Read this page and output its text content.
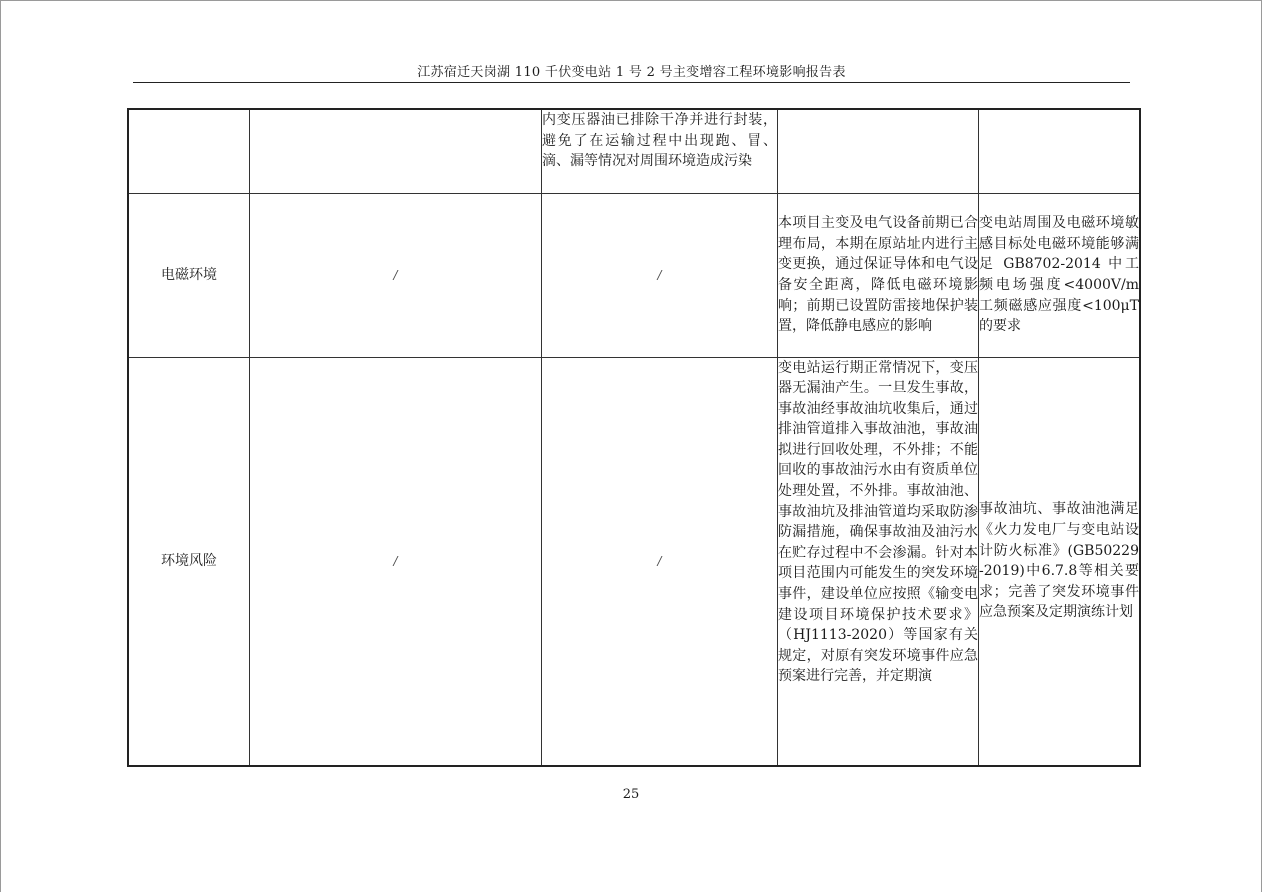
江苏宿迁天岗湖 110 千伏变电站 1 号 2 号主变增容工程环境影响报告表
		内变压器油已排除干净并进行封装，避免了在运输过程中出现跑、冒、滴、漏等情况对周围环境造成污染		
电磁环境	/	/	本项目主变及电气设备前期已合理布局，本期在原站址内进行主变更换，通过保证导体和电气设备安全距离，降低电磁环境影响；前期已设置防雷接地保护装置，降低静电感应的影响	变电站周围及电磁环境敏感目标处电磁环境能够满足 GB8702-2014 中工频电场强度<4000V/m 工频磁感应强度<100μT 的要求
环境风险	/	/	变电站运行期正常情况下，变压器无漏油产生。一旦发生事故，事故油经事故油坑收集后，通过排油管道排入事故油池，事故油拟进行回收处理，不外排；不能回收的事故油污水由有资质单位处理处置，不外排。事故油池、事故油坑及排油管道均采取防渗防漏措施，确保事故油及油污水在贮存过程中不会渗漏。针对本项目范围内可能发生的突发环境事件，建设单位应按照《输变电建设项目环境保护技术要求》（HJ1113-2020）等国家有关规定，对原有突发环境事件应急预案进行完善，并定期演	事故油坑、事故油池满足《火力发电厂与变电站设计防火标准》(GB50229-2019)中6.7.8等相关要求；完善了突发环境事件应急预案及定期演练计划
25
